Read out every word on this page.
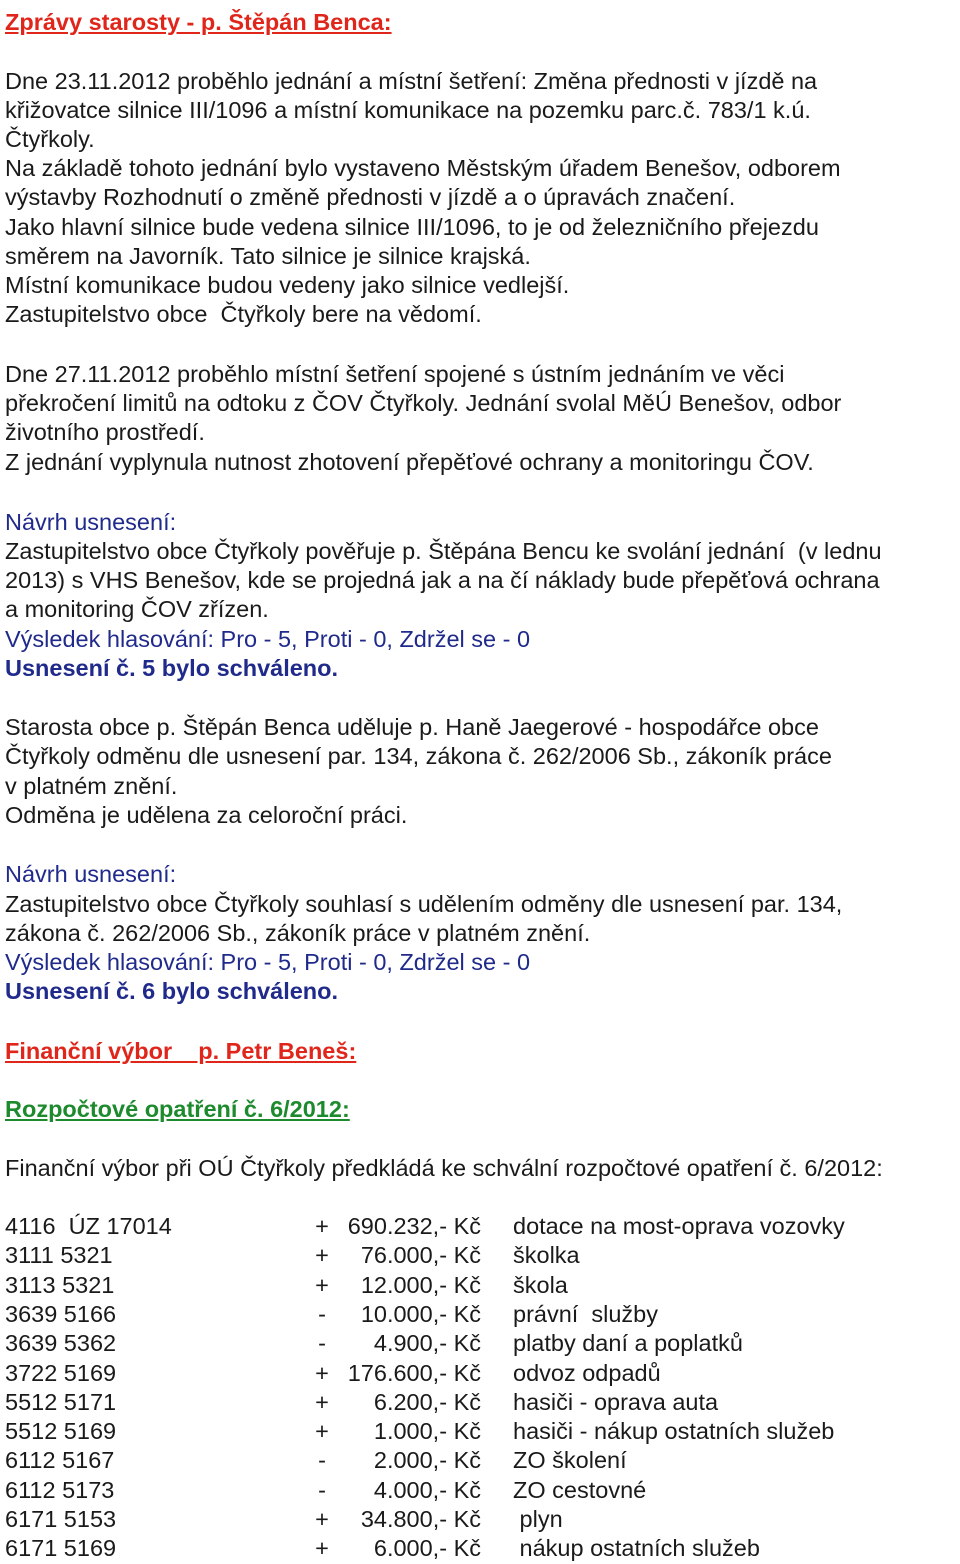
Zprávy starosty - p. Štěpán Benca:
Dne 23.11.2012 proběhlo jednání a místní šetření: Změna přednosti v jízdě na
křižovatce silnice III/1096 a místní komunikace na pozemku parc.č. 783/1 k.ú.
Čtyřkoly.
Na základě tohoto jednání bylo vystaveno Městským úřadem Benešov, odborem
výstavby Rozhodnutí o změně přednosti v jízdě a o úpravách značení.
Jako hlavní silnice bude vedena silnice III/1096, to je od železničního přejezdu
směrem na Javorník. Tato silnice je silnice krajská.
Místní komunikace budou vedeny jako silnice vedlejší.
Zastupitelstvo obce  Čtyřkoly bere na vědomí.
Dne 27.11.2012 proběhlo místní šetření spojené s ústním jednáním ve věci
překročení limitů na odtoku z ČOV Čtyřkoly. Jednání svolal MěÚ Benešov, odbor
životního prostředí.
Z jednání vyplynula nutnost zhotovení přepěťové ochrany a monitoringu ČOV.
Návrh usnesení:
Zastupitelstvo obce Čtyřkoly pověřuje p. Štěpána Bencu ke svolání jednání  (v lednu
2013) s VHS Benešov, kde se projedná jak a na čí náklady bude přepěťová ochrana
a monitoring ČOV zřízen.
Výsledek hlasování: Pro - 5, Proti - 0, Zdržel se - 0
Usnesení č. 5 bylo schváleno.
Starosta obce p. Štěpán Benca uděluje p. Haně Jaegerové - hospodářce obce
Čtyřkoly odměnu dle usnesení par. 134, zákona č. 262/2006 Sb., zákoník práce
v platném znění.
Odměna je udělena za celoroční práci.
Návrh usnesení:
Zastupitelstvo obce Čtyřkoly souhlasí s udělením odměny dle usnesení par. 134,
zákona č. 262/2006 Sb., zákoník práce v platném znění.
Výsledek hlasování: Pro - 5, Proti - 0, Zdržel se - 0
Usnesení č. 6 bylo schváleno.
Finanční výbor    p. Petr Beneš:
Rozpočtové opatření č. 6/2012:
Finanční výbor při OÚ Čtyřkoly předkládá ke schvální rozpočtové opatření č. 6/2012:
4116  ÚZ 17014	+ 690.232,- Kč dotace na most-oprava vozovky
3111 5321	+	76.000,- Kč školka
3113 5321	+	12.000,- Kč škola
3639 5166	-	10.000,- Kč právní  služby
3639 5362	-	4.900,- Kč platby daní a poplatků
3722 5169	+ 176.600,- Kč odvoz odpadů
5512 5171	+	6.200,- Kč hasiči - oprava auta
5512 5169	+	1.000,- Kč hasiči - nákup ostatních služeb
6112 5167	-	2.000,- Kč ZO školení
6112 5173	-	4.000,- Kč ZO cestovné
6171 5153	+	34.800,- Kč plyn
6171 5169	+	6.000,- Kč nákup ostatních služeb
